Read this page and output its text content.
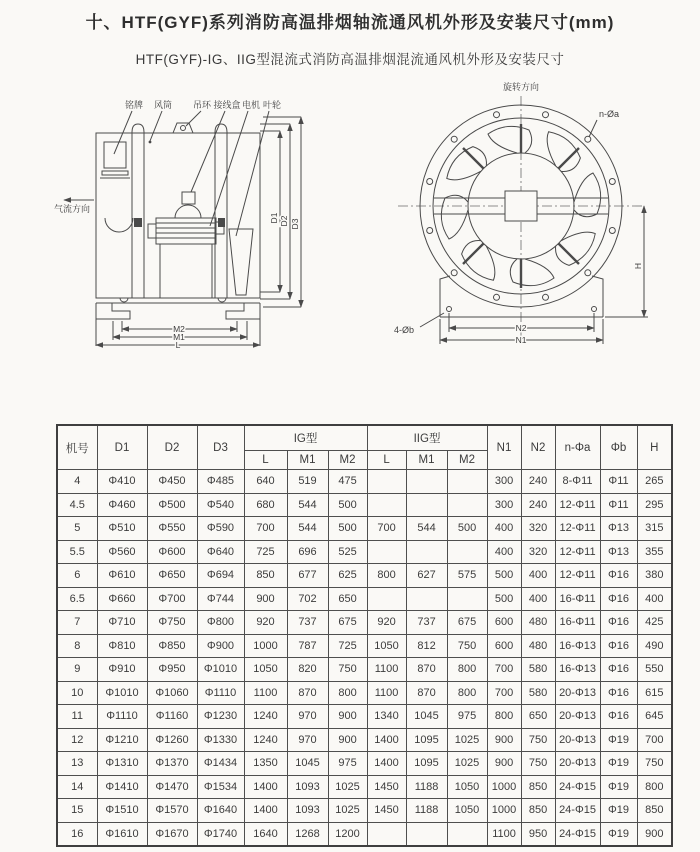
十、HTF(GYF)系列消防高温排烟轴流通风机外形及安装尺寸(mm)
HTF(GYF)-IG、IIG型混流式消防高温排烟混流通风机外形及安装尺寸
铭牌 风筒 吊环 接线盒 电机 叶轮
气流方向
D1 D2 D3
M2
M1
L
旋转方向
n-Øa
4-Øb	N2
N1
H
机号	D1	D2	D3	IG型			IIG型			N1	N2	n-Φa	Φb	H
				L	M1	M2	L	M1	M2					
4	Φ410	Φ450	Φ485	640	519	475				300	240	8-Φ11	Φ11	265
4.5	Φ460	Φ500	Φ540	680	544	500				300	240	12-Φ11	Φ11	295
5	Φ510	Φ550	Φ590	700	544	500	700	544	500	400	320	12-Φ11	Φ13	315
5.5	Φ560	Φ600	Φ640	725	696	525				400	320	12-Φ11	Φ13	355
6	Φ610	Φ650	Φ694	850	677	625	800	627	575	500	400	12-Φ11	Φ16	380
6.5	Φ660	Φ700	Φ744	900	702	650				500	400	16-Φ11	Φ16	400
7	Φ710	Φ750	Φ800	920	737	675	920	737	675	600	480	16-Φ11	Φ16	425
8	Φ810	Φ850	Φ900	1000	787	725	1050	812	750	600	480	16-Φ13	Φ16	490
9	Φ910	Φ950	Φ1010	1050	820	750	1100	870	800	700	580	16-Φ13	Φ16	550
10	Φ1010	Φ1060	Φ1110	1100	870	800	1100	870	800	700	580	20-Φ13	Φ16	615
11	Φ1110	Φ1160	Φ1230	1240	970	900	1340	1045	975	800	650	20-Φ13	Φ16	645
12	Φ1210	Φ1260	Φ1330	1240	970	900	1400	1095	1025	900	750	20-Φ13	Φ19	700
13	Φ1310	Φ1370	Φ1434	1350	1045	975	1400	1095	1025	900	750	20-Φ13	Φ19	750
14	Φ1410	Φ1470	Φ1534	1400	1093	1025	1450	1188	1050	1000	850	24-Φ15	Φ19	800
15	Φ1510	Φ1570	Φ1640	1400	1093	1025	1450	1188	1050	1000	850	24-Φ15	Φ19	850
16	Φ1610	Φ1670	Φ1740	1640	1268	1200				1100	950	24-Φ15	Φ19	900
